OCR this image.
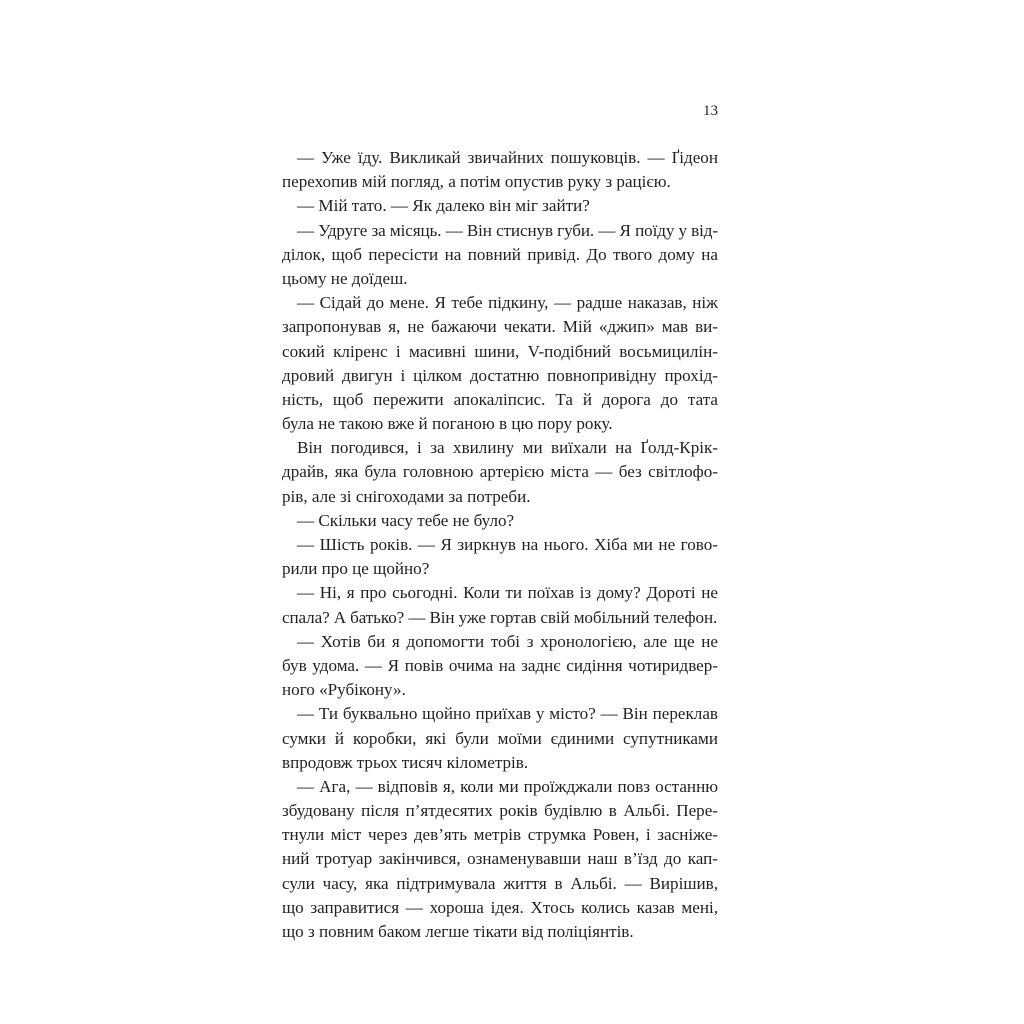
13
— Уже їду. Викликай звичайних пошуковців. — Ґідеон
перехопив мій погляд, а потім опустив руку з рацією.
— Мій тато. — Як далеко він міг зайти?
— Удруге за місяць. — Він стиснув губи. — Я поїду у від-
ділок, щоб пересісти на повний привід. До твого дому на
цьому не доїдеш.
— Сідай до мене. Я тебе підкину, — радше наказав, ніж
запропонував я, не бажаючи чекати. Мій «джип» мав ви-
сокий кліренс і масивні шини, V-подібний восьмицилін-
дровий двигун і цілком достатню повнопривідну прохід-
ність, щоб пережити апокаліпсис. Та й дорога до тата
була не такою вже й поганою в цю пору року.
Він погодився, і за хвилину ми виїхали на Ґолд-Крік-
драйв, яка була головною артерією міста — без світлофо-
рів, але зі снігоходами за потреби.
— Скільки часу тебе не було?
— Шість років. — Я зиркнув на нього. Хіба ми не гово-
рили про це щойно?
— Ні, я про сьогодні. Коли ти поїхав із дому? Дороті не
спала? А батько? — Він уже гортав свій мобільний телефон.
— Хотів би я допомогти тобі з хронологією, але ще не
був удома. — Я повів очима на заднє сидіння чотиридвер-
ного «Рубікону».
— Ти буквально щойно приїхав у місто? — Він переклав
сумки й коробки, які були моїми єдиними супутниками
впродовж трьох тисяч кілометрів.
— Ага, — відповів я, коли ми проїжджали повз останню
збудовану після п’ятдесятих років будівлю в Альбі. Пере-
тнули міст через дев’ять метрів струмка Ровен, і засніже-
ний тротуар закінчився, ознаменувавши наш в’їзд до кап-
сули часу, яка підтримувала життя в Альбі. — Вирішив,
що заправитися — хороша ідея. Хтось колись казав мені,
що з повним баком легше тікати від поліціянтів.
